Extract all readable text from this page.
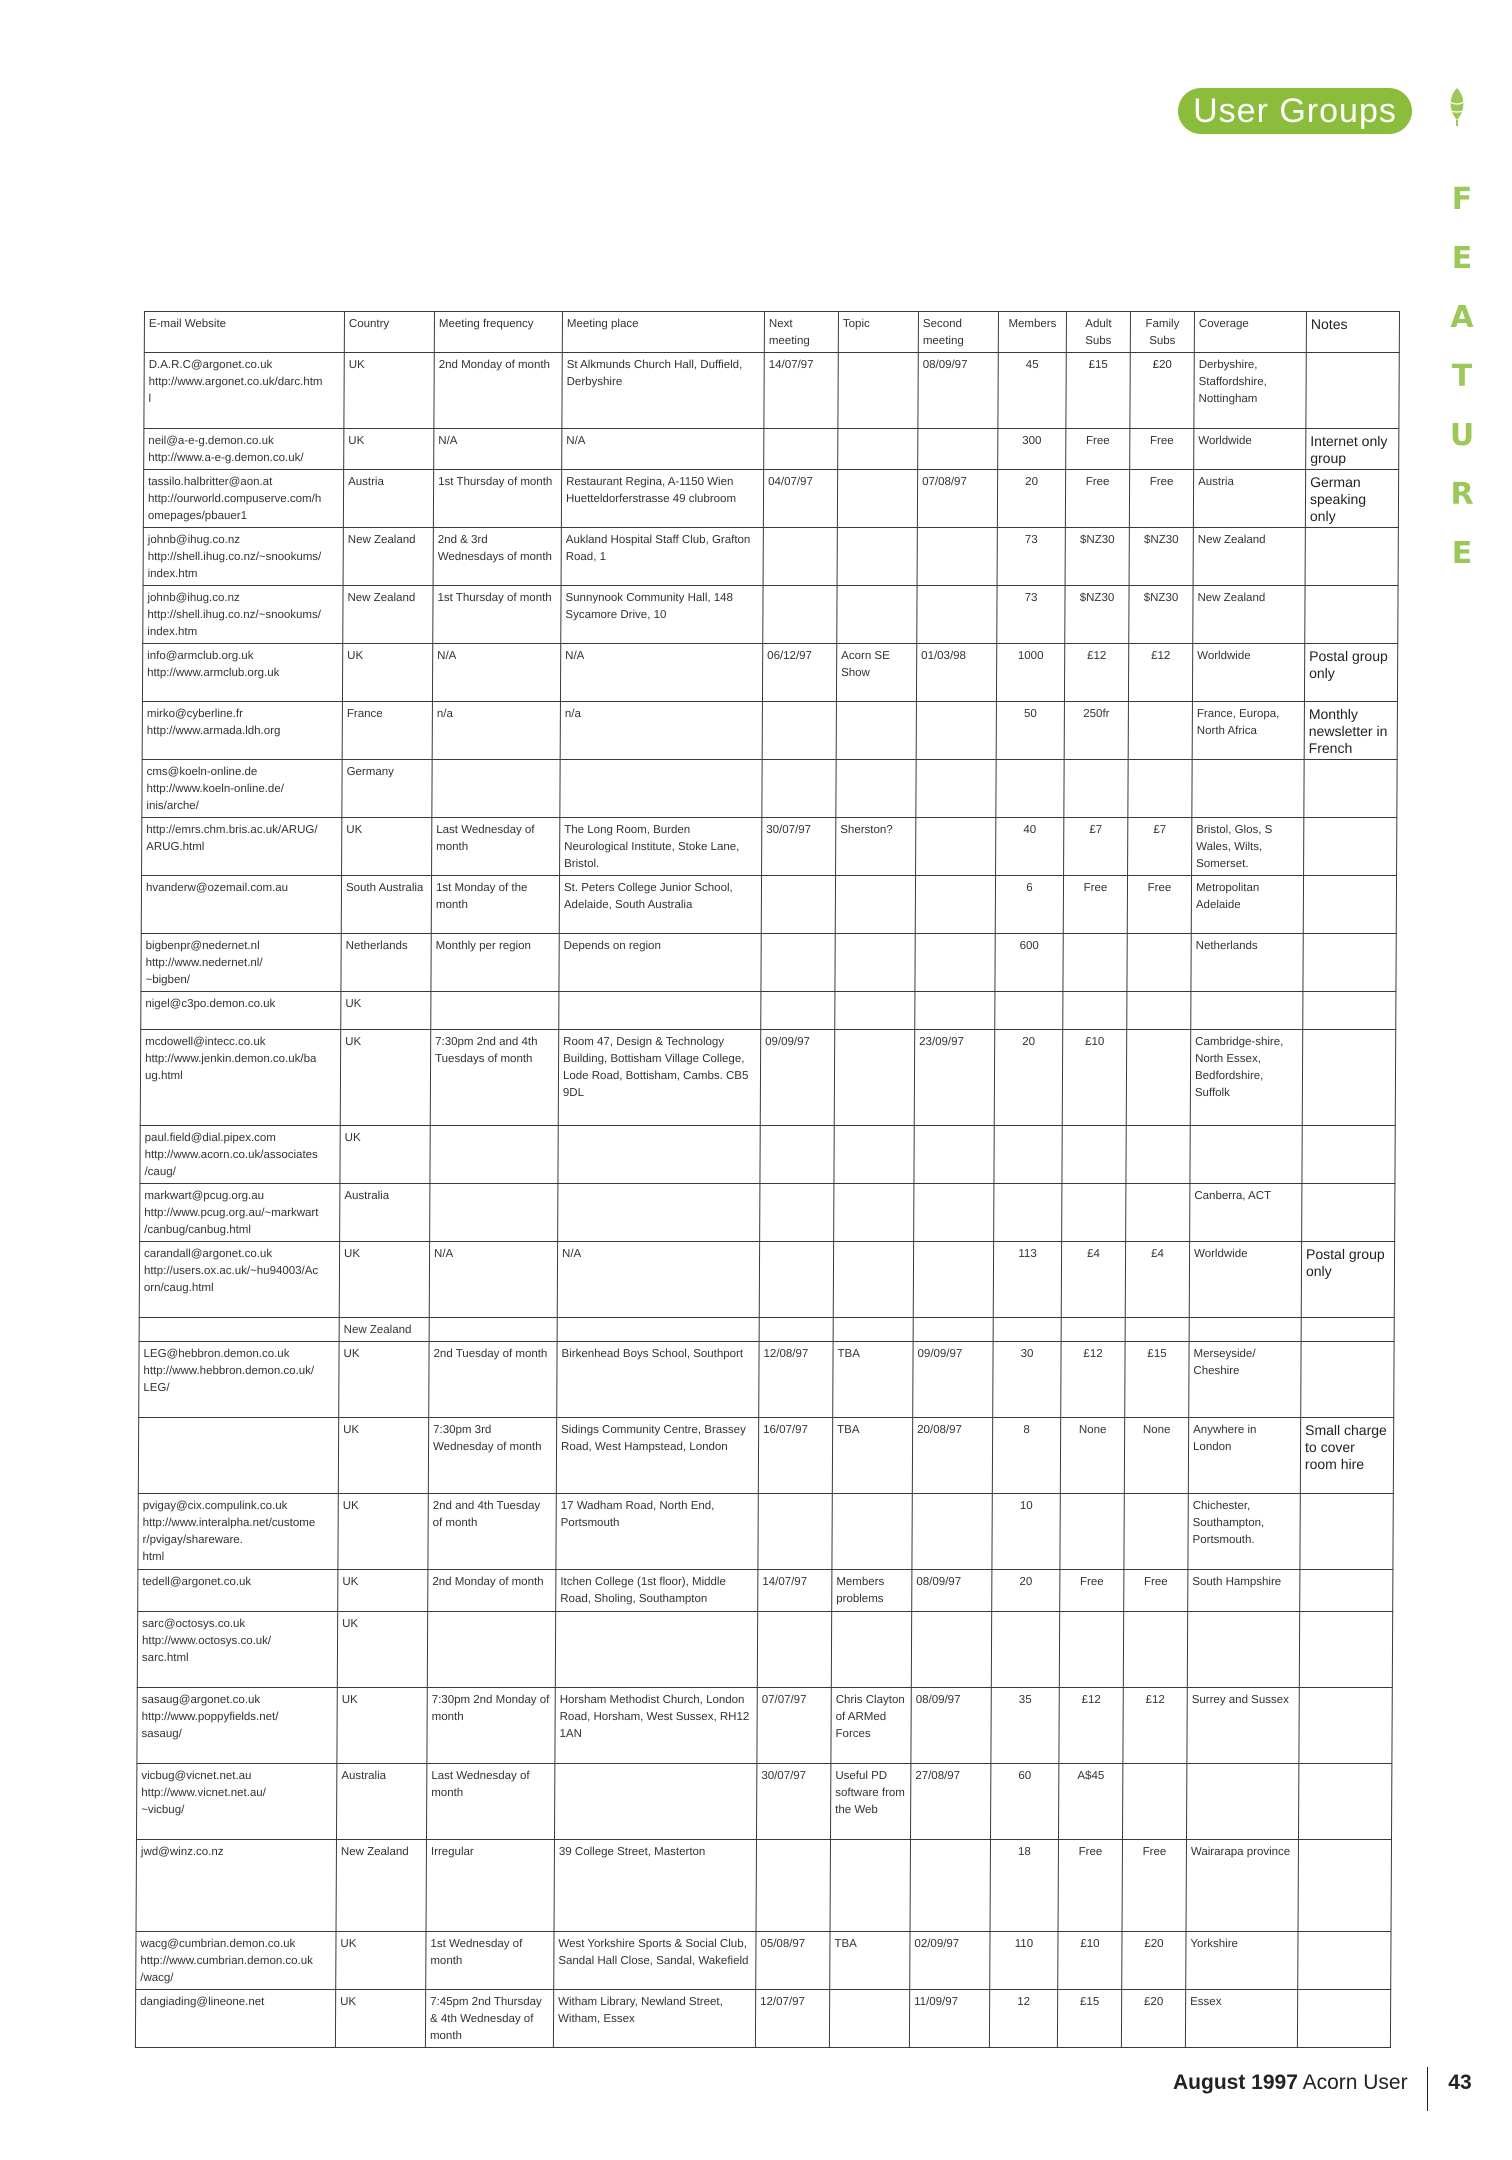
User Groups
F
E
A
T
U
R
E
E-mail Website	Country	Meeting frequency	Meeting place	Next meeting	Topic	Second meeting	Members	Adult Subs	Family Subs	Coverage	Notes
D.A.R.C@argonet.co.uk
http://www.argonet.co.uk/darc.htm
l	UK	2nd Monday of month	St Alkmunds Church Hall, Duffield, Derbyshire	14/07/97		08/09/97	45	£15	£20	Derbyshire, Staffordshire, Nottingham	
neil@a-e-g.demon.co.uk
http://www.a-e-g.demon.co.uk/	UK	N/A	N/A				300	Free	Free	Worldwide	Internet only group
tassilo.halbritter@aon.at
http://ourworld.compuserve.com/h
omepages/pbauer1	Austria	1st Thursday of month	Restaurant Regina, A-1150 Wien Huetteldorferstrasse 49 clubroom	04/07/97		07/08/97	20	Free	Free	Austria	German speaking only
johnb@ihug.co.nz
http://shell.ihug.co.nz/~snookums/
index.htm	New Zealand	2nd & 3rd Wednesdays of month	Aukland Hospital Staff Club, Grafton Road, 1				73	$NZ30	$NZ30	New Zealand	
johnb@ihug.co.nz
http://shell.ihug.co.nz/~snookums/
index.htm	New Zealand	1st Thursday of month	Sunnynook Community Hall, 148 Sycamore Drive, 10				73	$NZ30	$NZ30	New Zealand	
info@armclub.org.uk
http://www.armclub.org.uk	UK	N/A	N/A	06/12/97	Acorn SE Show	01/03/98	1000	£12	£12	Worldwide	Postal group only
mirko@cyberline.fr
http://www.armada.ldh.org	France	n/a	n/a				50	250fr		France, Europa, North Africa	Monthly newsletter in French
cms@koeln-online.de
http://www.koeln-online.de/
inis/arche/	Germany										
http://emrs.chm.bris.ac.uk/ARUG/
ARUG.html	UK	Last Wednesday of month	The Long Room, Burden Neurological Institute, Stoke Lane, Bristol.	30/07/97	Sherston?		40	£7	£7	Bristol, Glos, S Wales, Wilts, Somerset.	
hvanderw@ozemail.com.au	South Australia	1st Monday of the month	St. Peters College Junior School, Adelaide, South Australia				6	Free	Free	Metropolitan Adelaide	
bigbenpr@nedernet.nl
http://www.nedernet.nl/
~bigben/	Netherlands	Monthly per region	Depends on region				600			Netherlands	
nigel@c3po.demon.co.uk	UK										
mcdowell@intecc.co.uk
http://www.jenkin.demon.co.uk/ba
ug.html	UK	7:30pm 2nd and 4th Tuesdays of month	Room 47, Design & Technology Building, Bottisham Village College, Lode Road, Bottisham, Cambs. CB5 9DL	09/09/97		23/09/97	20	£10		Cambridge-shire, North Essex, Bedfordshire, Suffolk	
paul.field@dial.pipex.com
http://www.acorn.co.uk/associates
/caug/	UK										
markwart@pcug.org.au
http://www.pcug.org.au/~markwart
/canbug/canbug.html	Australia									Canberra, ACT	
carandall@argonet.co.uk
http://users.ox.ac.uk/~hu94003/Ac
orn/caug.html	UK	N/A	N/A				113	£4	£4	Worldwide	Postal group only
	New Zealand										
LEG@hebbron.demon.co.uk
http://www.hebbron.demon.co.uk/
LEG/	UK	2nd Tuesday of month	Birkenhead Boys School, Southport	12/08/97	TBA	09/09/97	30	£12	£15	Merseyside/ Cheshire	
	UK	7:30pm 3rd Wednesday of month	Sidings Community Centre, Brassey Road, West Hampstead, London	16/07/97	TBA	20/08/97	8	None	None	Anywhere in London	Small charge to cover room hire
pvigay@cix.compulink.co.uk
http://www.interalpha.net/custome
r/pvigay/shareware.
html	UK	2nd and 4th Tuesday of month	17 Wadham Road, North End, Portsmouth				10			Chichester, Southampton, Portsmouth.	
tedell@argonet.co.uk	UK	2nd Monday of month	Itchen College (1st floor), Middle Road, Sholing, Southampton	14/07/97	Members problems	08/09/97	20	Free	Free	South Hampshire	
sarc@octosys.co.uk
http://www.octosys.co.uk/
sarc.html	UK										
sasaug@argonet.co.uk
http://www.poppyfields.net/
sasaug/	UK	7:30pm 2nd Monday of month	Horsham Methodist Church, London Road, Horsham, West Sussex, RH12 1AN	07/07/97	Chris Clayton of ARMed Forces	08/09/97	35	£12	£12	Surrey and Sussex	
vicbug@vicnet.net.au
http://www.vicnet.net.au/
~vicbug/	Australia	Last Wednesday of month		30/07/97	Useful PD software from the Web	27/08/97	60	A$45			
jwd@winz.co.nz	New Zealand	Irregular	39 College Street, Masterton				18	Free	Free	Wairarapa province	
wacg@cumbrian.demon.co.uk
http://www.cumbrian.demon.co.uk
/wacg/	UK	1st Wednesday of month	West Yorkshire Sports & Social Club, Sandal Hall Close, Sandal, Wakefield	05/08/97	TBA	02/09/97	110	£10	£20	Yorkshire	
dangiading@lineone.net	UK	7:45pm 2nd Thursday & 4th Wednesday of month	Witham Library, Newland Street, Witham, Essex	12/07/97		11/09/97	12	£15	£20	Essex	
August 1997 Acorn User 43
